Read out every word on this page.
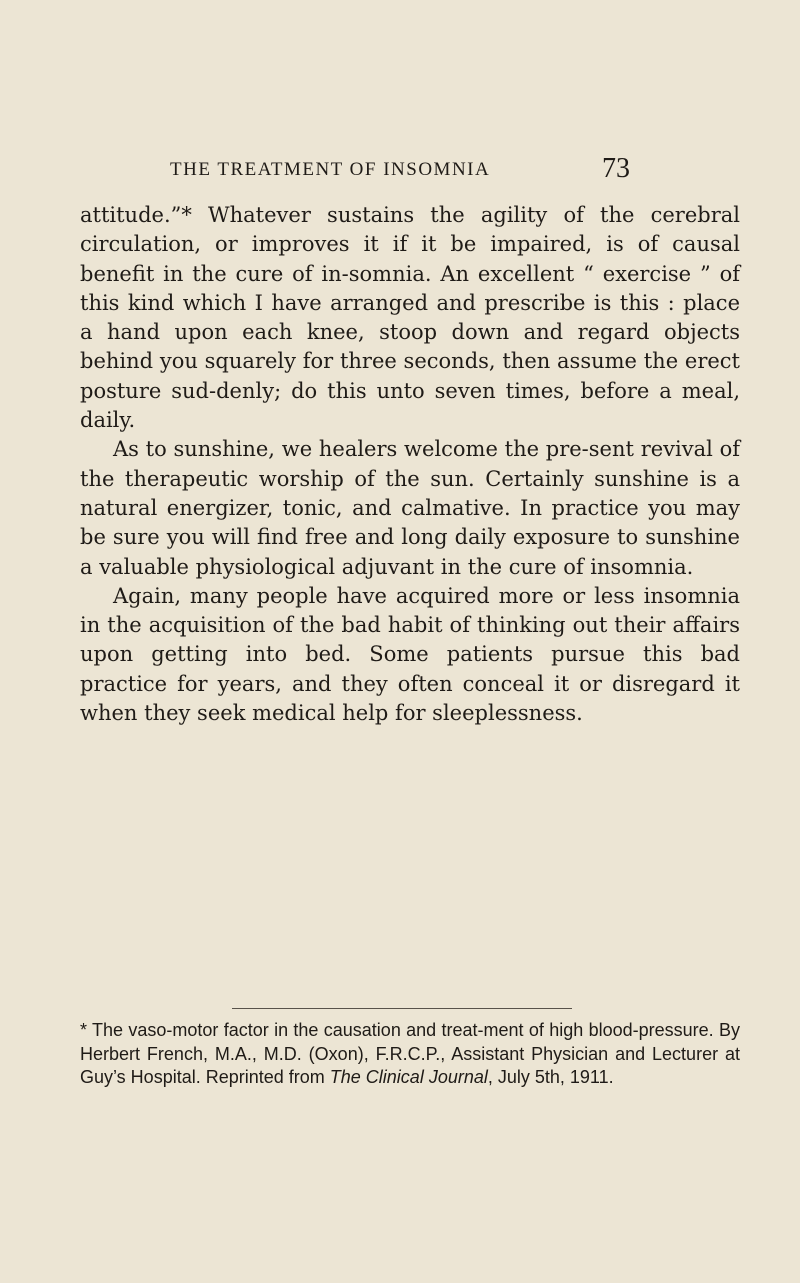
THE TREATMENT OF INSOMNIA	73

attitude.”* Whatever sustains the agility of the cerebral circulation, or improves it if it be impaired, is of causal benefit in the cure of in-somnia. An excellent “ exercise ” of this kind which I have arranged and prescribe is this : place a hand upon each knee, stoop down and regard objects behind you squarely for three seconds, then assume the erect posture sud-denly; do this unto seven times, before a meal, daily.

As to sunshine, we healers welcome the pre-sent revival of the therapeutic worship of the sun. Certainly sunshine is a natural energizer, tonic, and calmative. In practice you may be sure you will find free and long daily exposure to sunshine a valuable physiological adjuvant in the cure of insomnia.

Again, many people have acquired more or less insomnia in the acquisition of the bad habit of thinking out their affairs upon getting into bed. Some patients pursue this bad practice for years, and they often conceal it or disregard it when they seek medical help for sleeplessness.

* The vaso-motor factor in the causation and treat-ment of high blood-pressure. By Herbert French, M.A., M.D. (Oxon), F.R.C.P., Assistant Physician and Lecturer at Guy’s Hospital. Reprinted from The Clinical Journal, July 5th, 1911.
